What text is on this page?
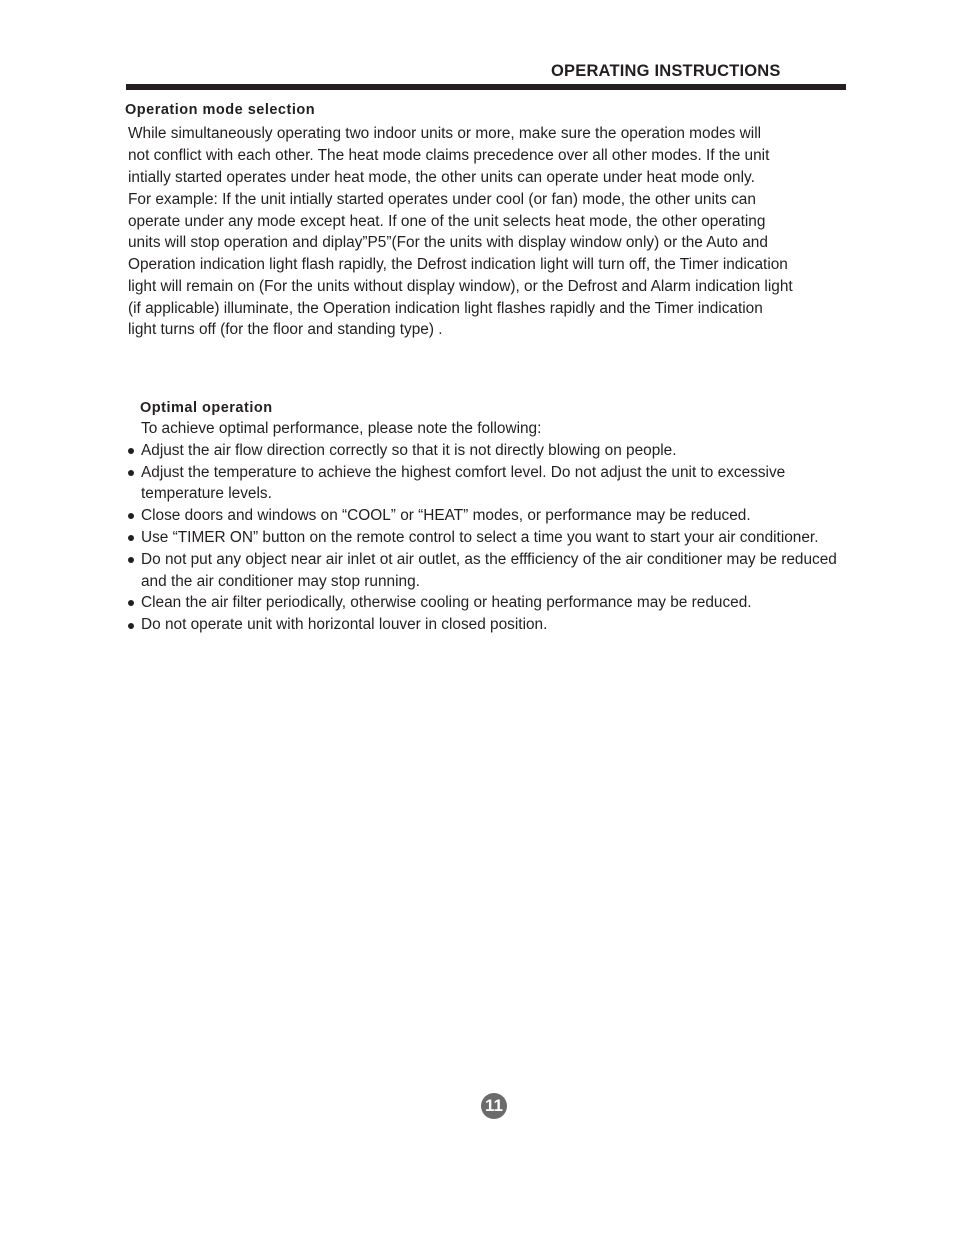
OPERATING INSTRUCTIONS
Operation mode selection
While simultaneously operating two indoor units or more, make sure the operation modes will
not conflict with each other. The heat mode claims precedence over all other modes. If the unit
intially started operates under heat mode, the other units can operate under heat mode only.
For example: If the unit intially started operates under cool (or fan) mode, the other units can
operate under any mode except heat. If one of the unit selects heat mode, the other operating
units will stop operation and diplay”P5”(For the units with display window only) or the Auto and
Operation indication light flash rapidly, the Defrost indication light will turn off, the Timer indication
light will remain on (For the units without display window), or the Defrost and Alarm indication light
(if applicable) illuminate, the Operation indication light flashes rapidly and the Timer indication
light turns off (for the floor and standing type) .
Optimal operation
To achieve optimal performance, please note the following:
Adjust the air flow direction correctly so that it is not directly blowing on people.
Adjust the temperature to achieve the highest comfort level. Do not adjust the unit to excessive
temperature levels.
Close doors and windows on “COOL” or “HEAT” modes, or performance may be reduced.
Use “TIMER ON” button on the remote control to select a time you want to start your air conditioner.
Do not put any object near air inlet ot air outlet, as the effficiency of the air conditioner may be reduced
and the air conditioner may stop running.
Clean the air filter periodically, otherwise cooling or heating performance may be reduced.
Do not operate unit with horizontal louver in closed position.
11
